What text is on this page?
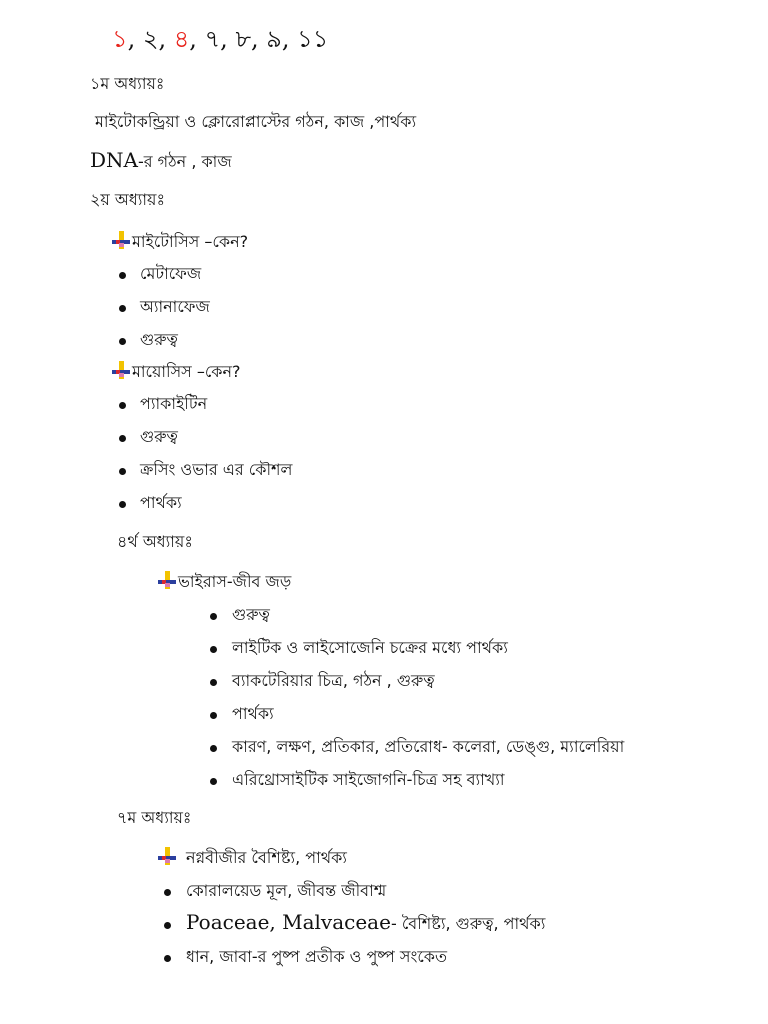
১, ২, ৪, ৭, ৮, ৯, ১১
১ম অধ্যায়ঃ
মাইটোকন্ড্রিয়া ও ক্লোরোপ্লাস্টের গঠন, কাজ ,পার্থক্য
DNA-র গঠন , কাজ
২য় অধ্যায়ঃ
মাইটোসিস –কেন?
মেটাফেজ
অ্যানাফেজ
গুরুত্ব
মায়োসিস –কেন?
প্যাকাইটিন
গুরুত্ব
ক্রসিং ওভার এর কৌশল
পার্থক্য
৪র্থ অধ্যায়ঃ
ভাইরাস-জীব জড়
গুরুত্ব
লাইটিক ও লাইসোজেনি চক্রের মধ্যে পার্থক্য
ব্যাকটেরিয়ার চিত্র, গঠন , গুরুত্ব
পার্থক্য
কারণ, লক্ষণ, প্রতিকার, প্রতিরোধ- কলেরা, ডেঙ্গু, ম্যালেরিয়া
এরিথ্রোসাইটিক সাইজোগনি-চিত্র সহ ব্যাখ্যা
৭ম অধ্যায়ঃ
নগ্নবীজীর বৈশিষ্ট্য, পার্থক্য
কোরালয়েড মূল, জীবন্ত জীবাশ্ম
Poaceae, Malvaceae- বৈশিষ্ট্য, গুরুত্ব, পার্থক্য
ধান, জাবা-র পুষ্প প্রতীক ও পুষ্প সংকেত
